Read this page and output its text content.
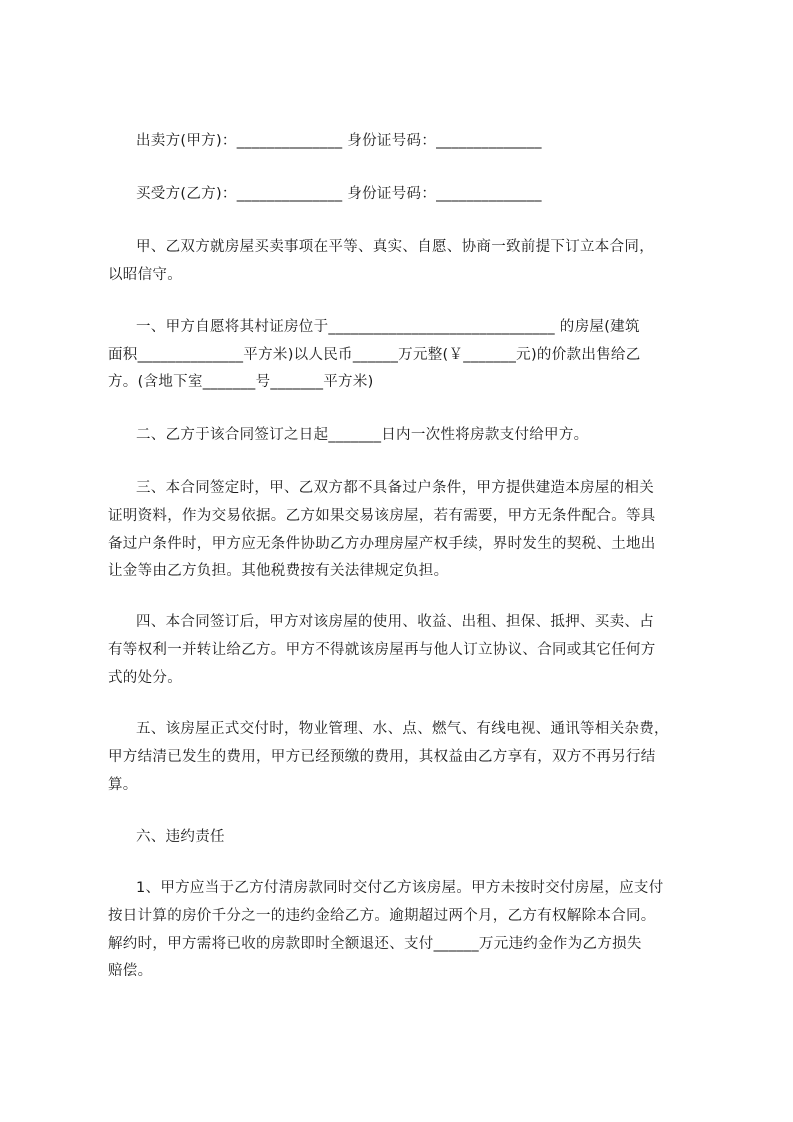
出卖方(甲方)：______________ 身份证号码：______________
买受方(乙方)：______________ 身份证号码：______________
甲、乙双方就房屋买卖事项在平等、真实、自愿、协商一致前提下订立本合同，
以昭信守。
一、甲方自愿将其村证房位于______________________________ 的房屋(建筑
面积______________平方米)以人民币______万元整(￥_______元)的价款出售给乙
方。(含地下室_______号_______平方米)
二、乙方于该合同签订之日起_______日内一次性将房款支付给甲方。
三、本合同签定时，甲、乙双方都不具备过户条件，甲方提供建造本房屋的相关
证明资料，作为交易依据。乙方如果交易该房屋，若有需要，甲方无条件配合。等具
备过户条件时，甲方应无条件协助乙方办理房屋产权手续，界时发生的契税、土地出
让金等由乙方负担。其他税费按有关法律规定负担。
四、本合同签订后，甲方对该房屋的使用、收益、出租、担保、抵押、买卖、占
有等权利一并转让给乙方。甲方不得就该房屋再与他人订立协议、合同或其它任何方
式的处分。
五、该房屋正式交付时，物业管理、水、点、燃气、有线电视、通讯等相关杂费，
甲方结清已发生的费用，甲方已经预缴的费用，其权益由乙方享有，双方不再另行结
算。
六、违约责任
1、甲方应当于乙方付清房款同时交付乙方该房屋。甲方未按时交付房屋，应支付
按日计算的房价千分之一的违约金给乙方。逾期超过两个月，乙方有权解除本合同。
解约时，甲方需将已收的房款即时全额退还、支付______万元违约金作为乙方损失
赔偿。
